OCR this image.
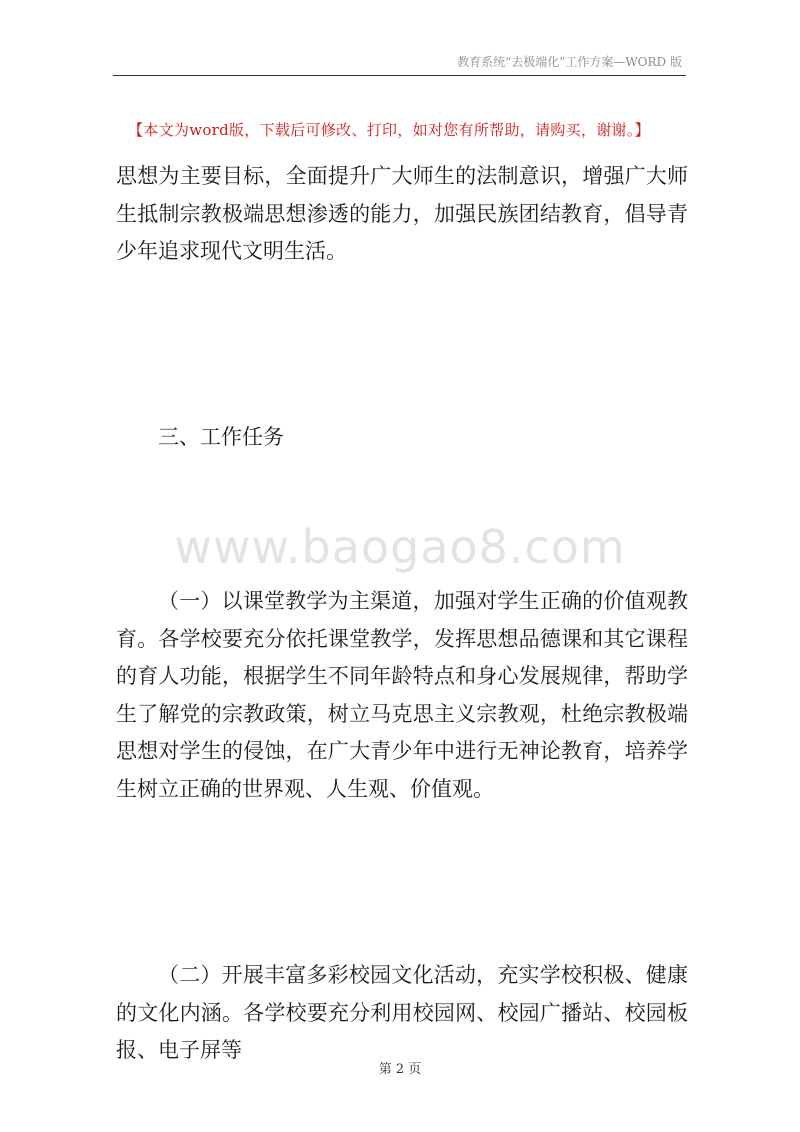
教育系统“去极端化”工作方案—WORD 版
【本文为word版，下载后可修改、打印，如对您有所帮助，请购买，谢谢。】

思想为主要目标，全面提升广大师生的法制意识，增强广大师生抵制宗教极端思想渗透的能力，加强民族团结教育，倡导青少年追求现代文明生活。

三、工作任务

www.baogao8.com

（一）以课堂教学为主渠道，加强对学生正确的价值观教育。各学校要充分依托课堂教学，发挥思想品德课和其它课程的育人功能，根据学生不同年龄特点和身心发展规律，帮助学生了解党的宗教政策，树立马克思主义宗教观，杜绝宗教极端思想对学生的侵蚀，在广大青少年中进行无神论教育，培养学生树立正确的世界观、人生观、价值观。

（二）开展丰富多彩校园文化活动，充实学校积极、健康的文化内涵。各学校要充分利用校园网、校园广播站、校园板报、电子屏等

第 2 页
